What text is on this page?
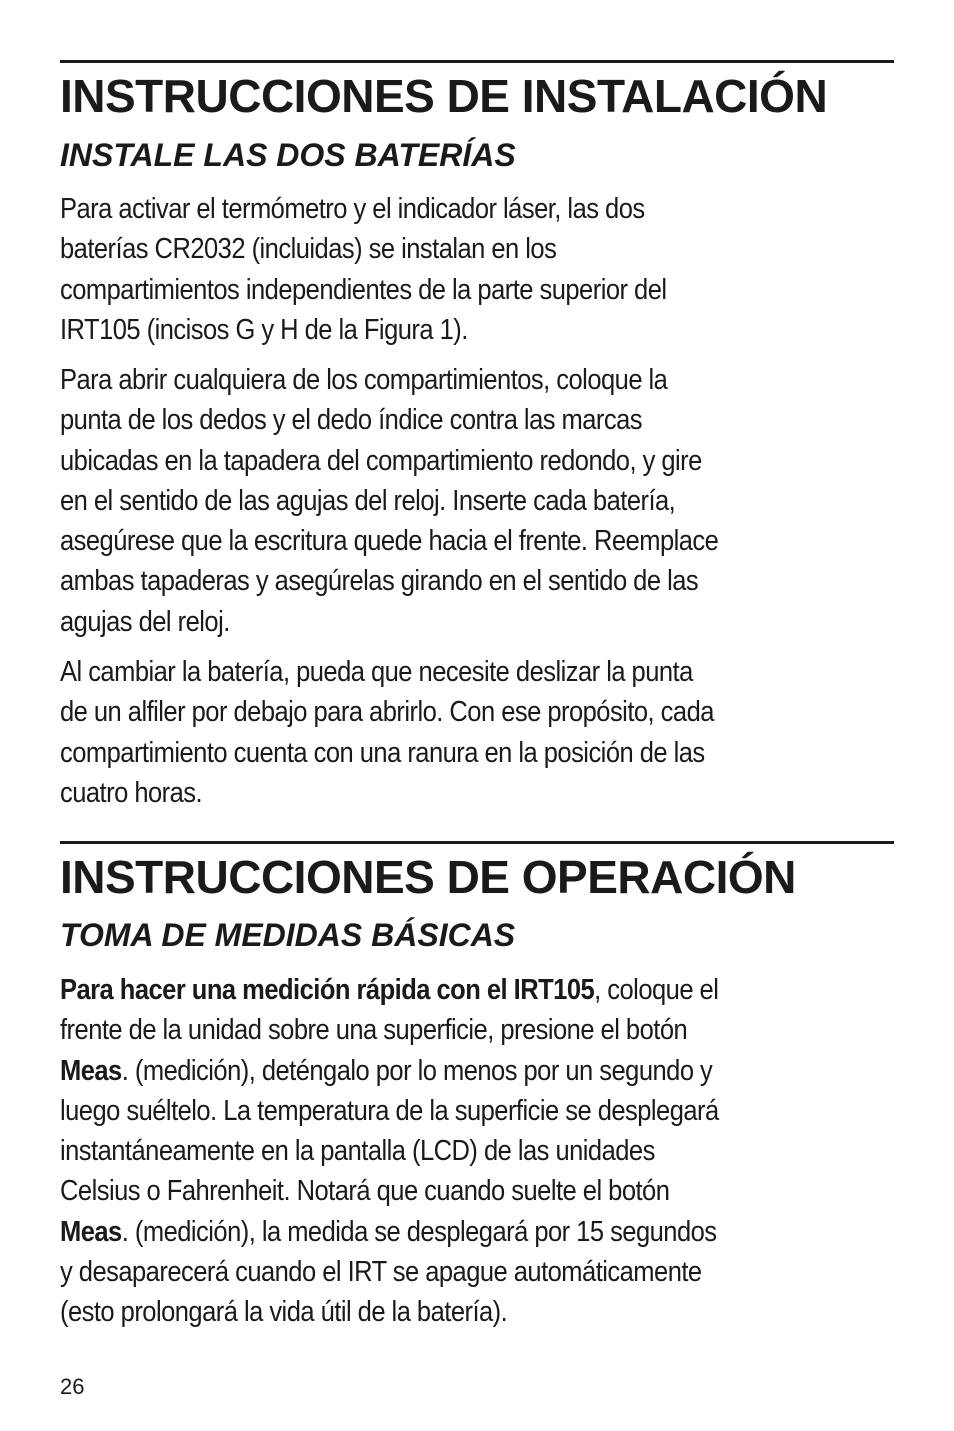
INSTRUCCIONES DE INSTALACIÓN
INSTALE LAS DOS BATERÍAS
Para activar el termómetro y el indicador láser, las dos
baterías CR2032 (incluidas) se instalan en los
compartimientos independientes de la parte superior del
IRT105 (incisos G y H de la Figura 1).
Para abrir cualquiera de los compartimientos, coloque la
punta de los dedos y el dedo índice contra las marcas
ubicadas en la tapadera del compartimiento redondo, y gire
en el sentido de las agujas del reloj. Inserte cada batería,
asegúrese que la escritura quede hacia el frente. Reemplace
ambas tapaderas y asegúrelas girando en el sentido de las
agujas del reloj.
Al cambiar la batería, pueda que necesite deslizar la punta
de un alfiler por debajo para abrirlo. Con ese propósito, cada
compartimiento cuenta con una ranura en la posición de las
cuatro horas.
INSTRUCCIONES DE OPERACIÓN
TOMA DE MEDIDAS BÁSICAS
Para hacer una medición rápida con el IRT105, coloque el
frente de la unidad sobre una superficie, presione el botón
Meas. (medición), deténgalo por lo menos por un segundo y
luego suéltelo. La temperatura de la superficie se desplegará
instantáneamente en la pantalla (LCD) de las unidades
Celsius o Fahrenheit. Notará que cuando suelte el botón
Meas. (medición), la medida se desplegará por 15 segundos
y desaparecerá cuando el IRT se apague automáticamente
(esto prolongará la vida útil de la batería).
26
